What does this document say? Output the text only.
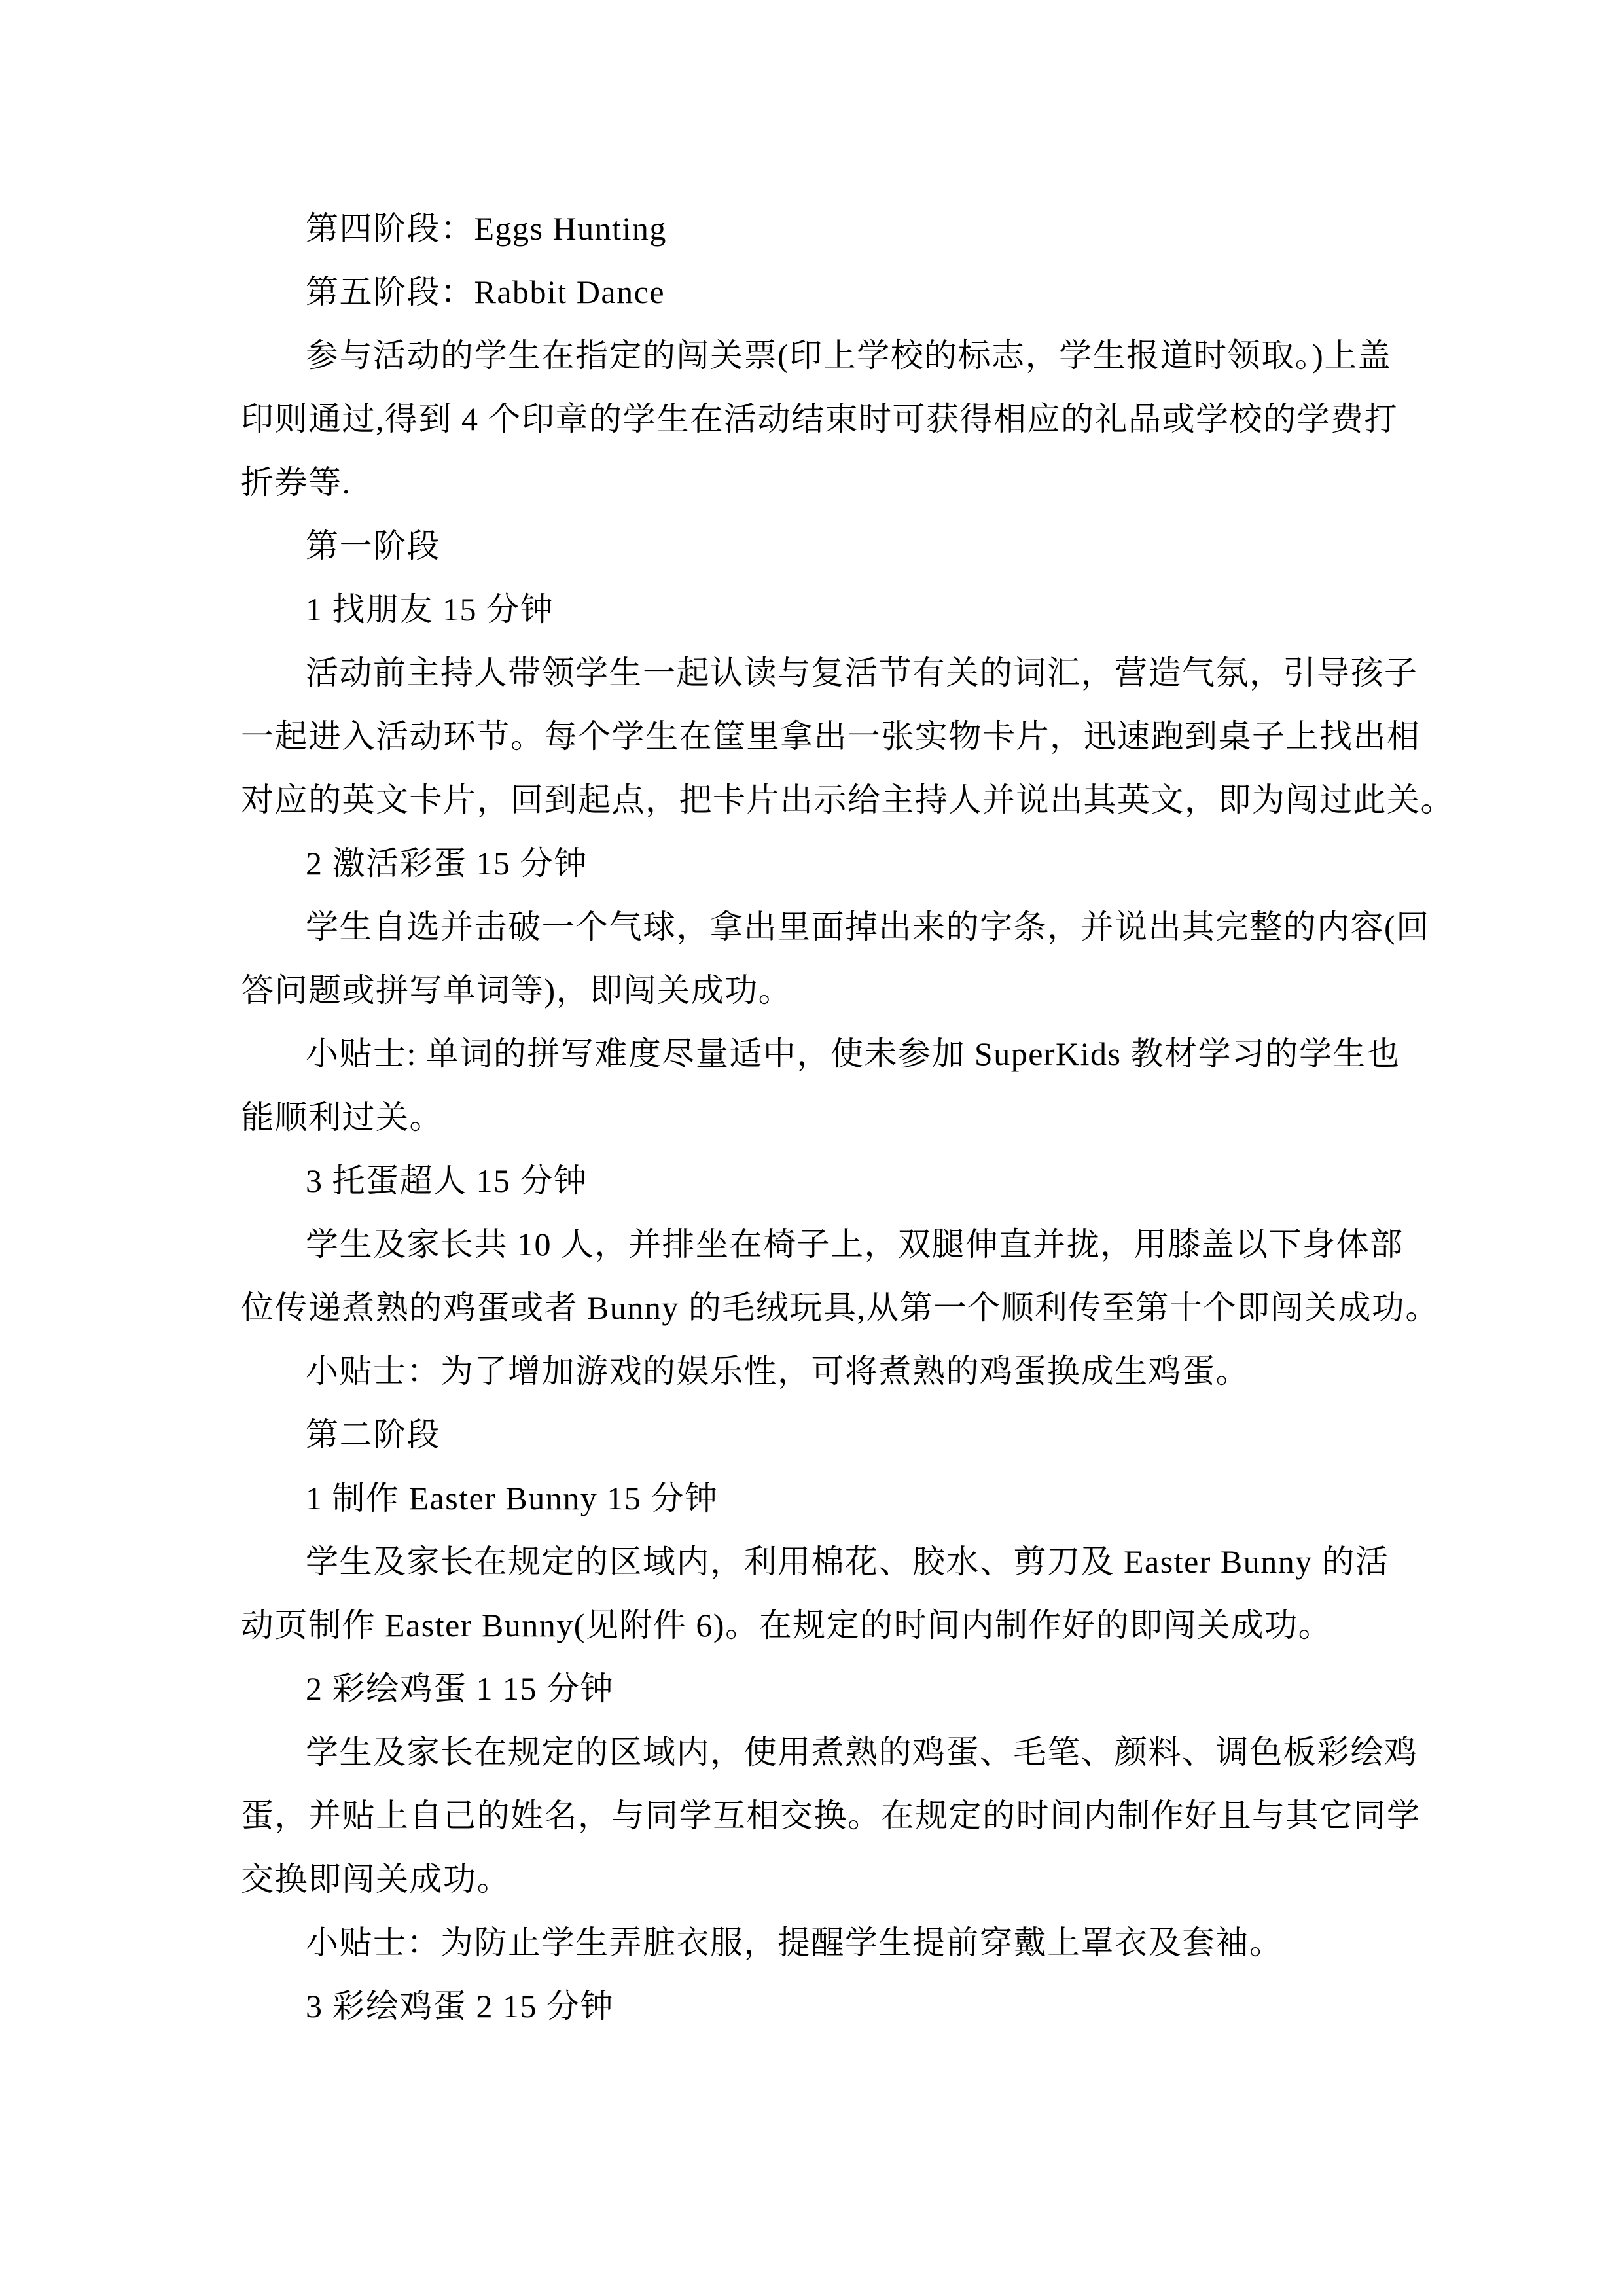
第四阶段：Eggs Hunting
第五阶段：Rabbit Dance
参与活动的学生在指定的闯关票(印上学校的标志，学生报道时领取。)上盖
印则通过,得到 4 个印章的学生在活动结束时可获得相应的礼品或学校的学费打
折券等.
第一阶段
1 找朋友 15 分钟
活动前主持人带领学生一起认读与复活节有关的词汇，营造气氛，引导孩子
一起进入活动环节。每个学生在筐里拿出一张实物卡片，迅速跑到桌子上找出相
对应的英文卡片，回到起点，把卡片出示给主持人并说出其英文，即为闯过此关。
2 激活彩蛋 15 分钟
学生自选并击破一个气球，拿出里面掉出来的字条，并说出其完整的内容(回
答问题或拼写单词等)，即闯关成功。
小贴士: 单词的拼写难度尽量适中，使未参加 SuperKids 教材学习的学生也
能顺利过关。
3 托蛋超人 15 分钟
学生及家长共 10 人，并排坐在椅子上，双腿伸直并拢，用膝盖以下身体部
位传递煮熟的鸡蛋或者 Bunny 的毛绒玩具,从第一个顺利传至第十个即闯关成功。
小贴士：为了增加游戏的娱乐性，可将煮熟的鸡蛋换成生鸡蛋。
第二阶段
1 制作 Easter Bunny 15 分钟
学生及家长在规定的区域内，利用棉花、胶水、剪刀及 Easter Bunny 的活
动页制作 Easter Bunny(见附件 6)。在规定的时间内制作好的即闯关成功。
2 彩绘鸡蛋 1 15 分钟
学生及家长在规定的区域内，使用煮熟的鸡蛋、毛笔、颜料、调色板彩绘鸡
蛋，并贴上自己的姓名，与同学互相交换。在规定的时间内制作好且与其它同学
交换即闯关成功。
小贴士：为防止学生弄脏衣服，提醒学生提前穿戴上罩衣及套袖。
3 彩绘鸡蛋 2 15 分钟
